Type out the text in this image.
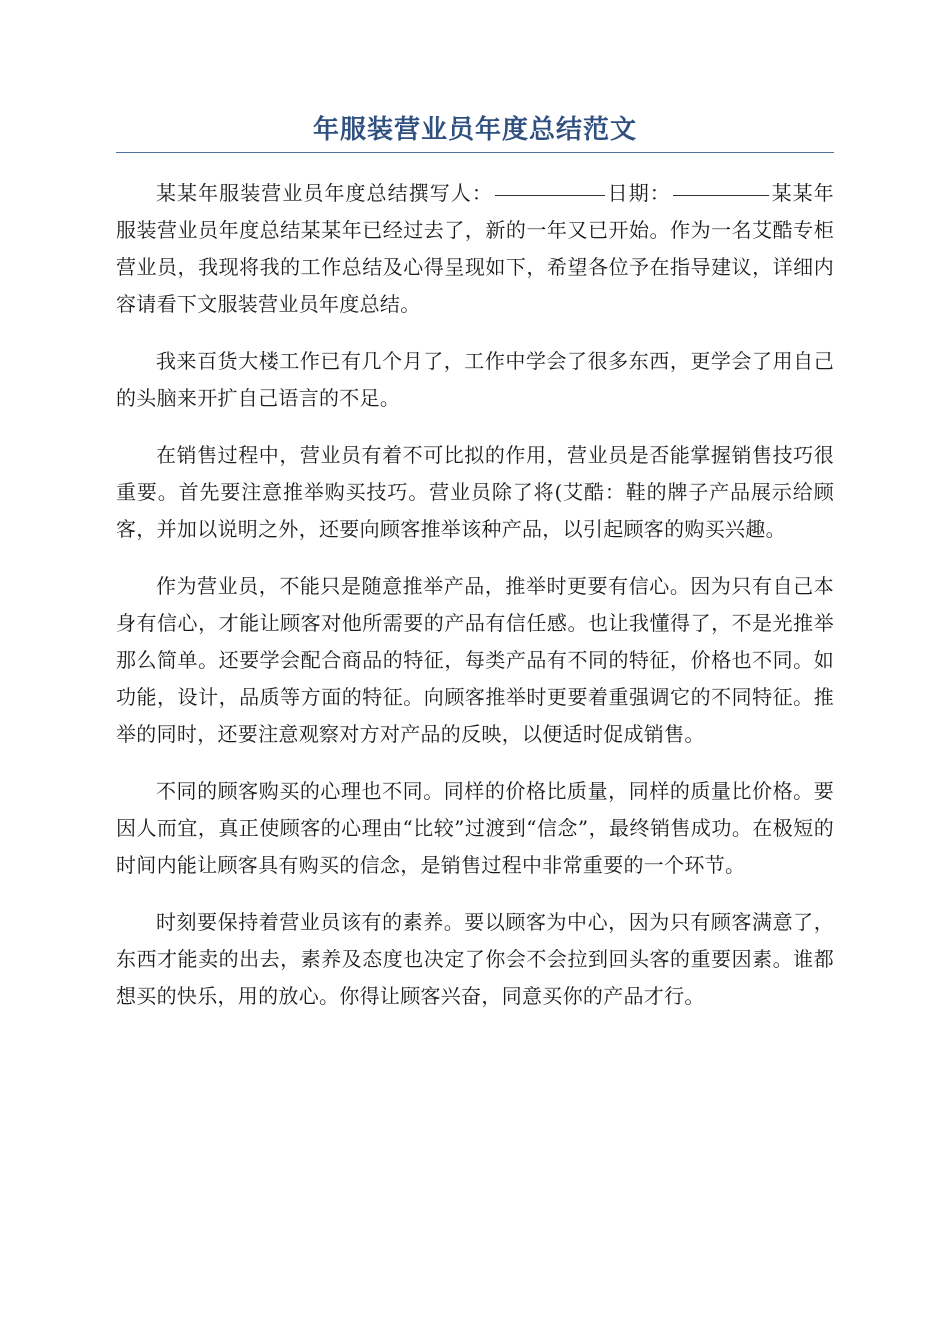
年服装营业员年度总结范文

某某年服装营业员年度总结撰写人：	日期：	某某年服装营业员年度总结某某年已经过去了，新的一年又已开始。作为一名艾酷专柜营业员，我现将我的工作总结及心得呈现如下，希望各位予在指导建议，详细内容请看下文服装营业员年度总结。

我来百货大楼工作已有几个月了，工作中学会了很多东西，更学会了用自己的头脑来开扩自己语言的不足。

在销售过程中，营业员有着不可比拟的作用，营业员是否能掌握销售技巧很重要。首先要注意推举购买技巧。营业员除了将(艾酷：鞋的牌子产品展示给顾客，并加以说明之外，还要向顾客推举该种产品，以引起顾客的购买兴趣。

作为营业员，不能只是随意推举产品，推举时更要有信心。因为只有自己本身有信心，才能让顾客对他所需要的产品有信任感。也让我懂得了，不是光推举那么简单。还要学会配合商品的特征，每类产品有不同的特征，价格也不同。如功能，设计，品质等方面的特征。向顾客推举时更要着重强调它的不同特征。推举的同时，还要注意观察对方对产品的反映，以便适时促成销售。

不同的顾客购买的心理也不同。同样的价格比质量，同样的质量比价格。要因人而宜，真正使顾客的心理由“比较”过渡到“信念”，最终销售成功。在极短的时间内能让顾客具有购买的信念，是销售过程中非常重要的一个环节。

时刻要保持着营业员该有的素养。要以顾客为中心，因为只有顾客满意了，东西才能卖的出去，素养及态度也决定了你会不会拉到回头客的重要因素。谁都想买的快乐，用的放心。你得让顾客兴奋，同意买你的产品才行。
